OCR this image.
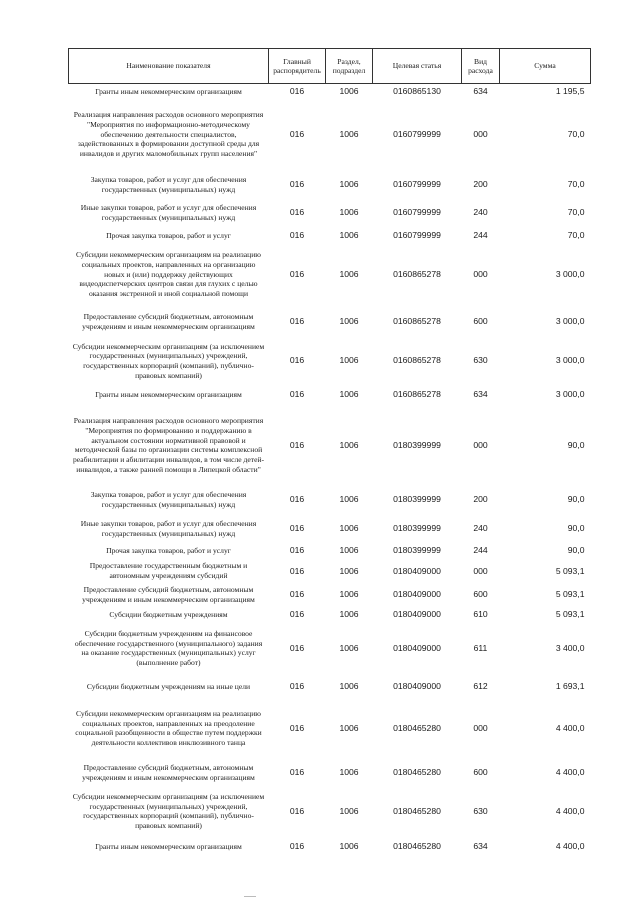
Наименование показателя	Главный распорядитель	Раздел, подраздел	Целевая статья	Вид расхода	Сумма
Гранты иным некоммерческим организациям	016	1006	0160865130	634	1 195,5
Реализация направления расходов основного мероприятия "Мероприятия по информационно-методическому обеспечению деятельности специалистов, задействованных в формировании доступной среды для инвалидов и других маломобильных групп населения"	016	1006	0160799999	000	70,0
Закупка товаров, работ и услуг для обеспечения государственных (муниципальных) нужд	016	1006	0160799999	200	70,0
Иные закупки товаров, работ и услуг для обеспечения государственных (муниципальных) нужд	016	1006	0160799999	240	70,0
Прочая закупка товаров, работ и услуг	016	1006	0160799999	244	70,0
Субсидии некоммерческим организациям на реализацию социальных проектов, направленных на организацию новых и (или) поддержку действующих видеодиспетчерских центров связи для глухих с целью оказания экстренной и иной социальной помощи	016	1006	0160865278	000	3 000,0
Предоставление субсидий бюджетным, автономным учреждениям и иным некоммерческим организациям	016	1006	0160865278	600	3 000,0
Субсидии некоммерческим организациям (за исключением государственных (муниципальных) учреждений, государственных корпораций (компаний), публично-правовых компаний)	016	1006	0160865278	630	3 000,0
Гранты иным некоммерческим организациям	016	1006	0160865278	634	3 000,0
Реализация направления расходов основного мероприятия "Мероприятия по формированию и поддержанию в актуальном состоянии нормативной правовой и методической базы по организации системы комплексной реабилитации и абилитации инвалидов, в том числе детей-инвалидов, а также ранней помощи в Липецкой области"	016	1006	0180399999	000	90,0
Закупка товаров, работ и услуг для обеспечения государственных (муниципальных) нужд	016	1006	0180399999	200	90,0
Иные закупки товаров, работ и услуг для обеспечения государственных (муниципальных) нужд	016	1006	0180399999	240	90,0
Прочая закупка товаров, работ и услуг	016	1006	0180399999	244	90,0
Предоставление государственным бюджетным и автономным учреждениям субсидий	016	1006	0180409000	000	5 093,1
Предоставление субсидий бюджетным, автономным учреждениям и иным некоммерческим организациям	016	1006	0180409000	600	5 093,1
Субсидии бюджетным учреждениям	016	1006	0180409000	610	5 093,1
Субсидии бюджетным учреждениям на финансовое обеспечение государственного (муниципального) задания на оказание государственных (муниципальных) услуг (выполнение работ)	016	1006	0180409000	611	3 400,0
Субсидии бюджетным учреждениям на иные цели	016	1006	0180409000	612	1 693,1
Субсидии некоммерческим организациям на реализацию социальных проектов, направленных на преодоление социальной разобщенности в обществе путем поддержки деятельности коллективов инклюзивного танца	016	1006	0180465280	000	4 400,0
Предоставление субсидий бюджетным, автономным учреждениям и иным некоммерческим организациям	016	1006	0180465280	600	4 400,0
Субсидии некоммерческим организациям (за исключением государственных (муниципальных) учреждений, государственных корпораций (компаний), публично-правовых компаний)	016	1006	0180465280	630	4 400,0
Гранты иным некоммерческим организациям	016	1006	0180465280	634	4 400,0
